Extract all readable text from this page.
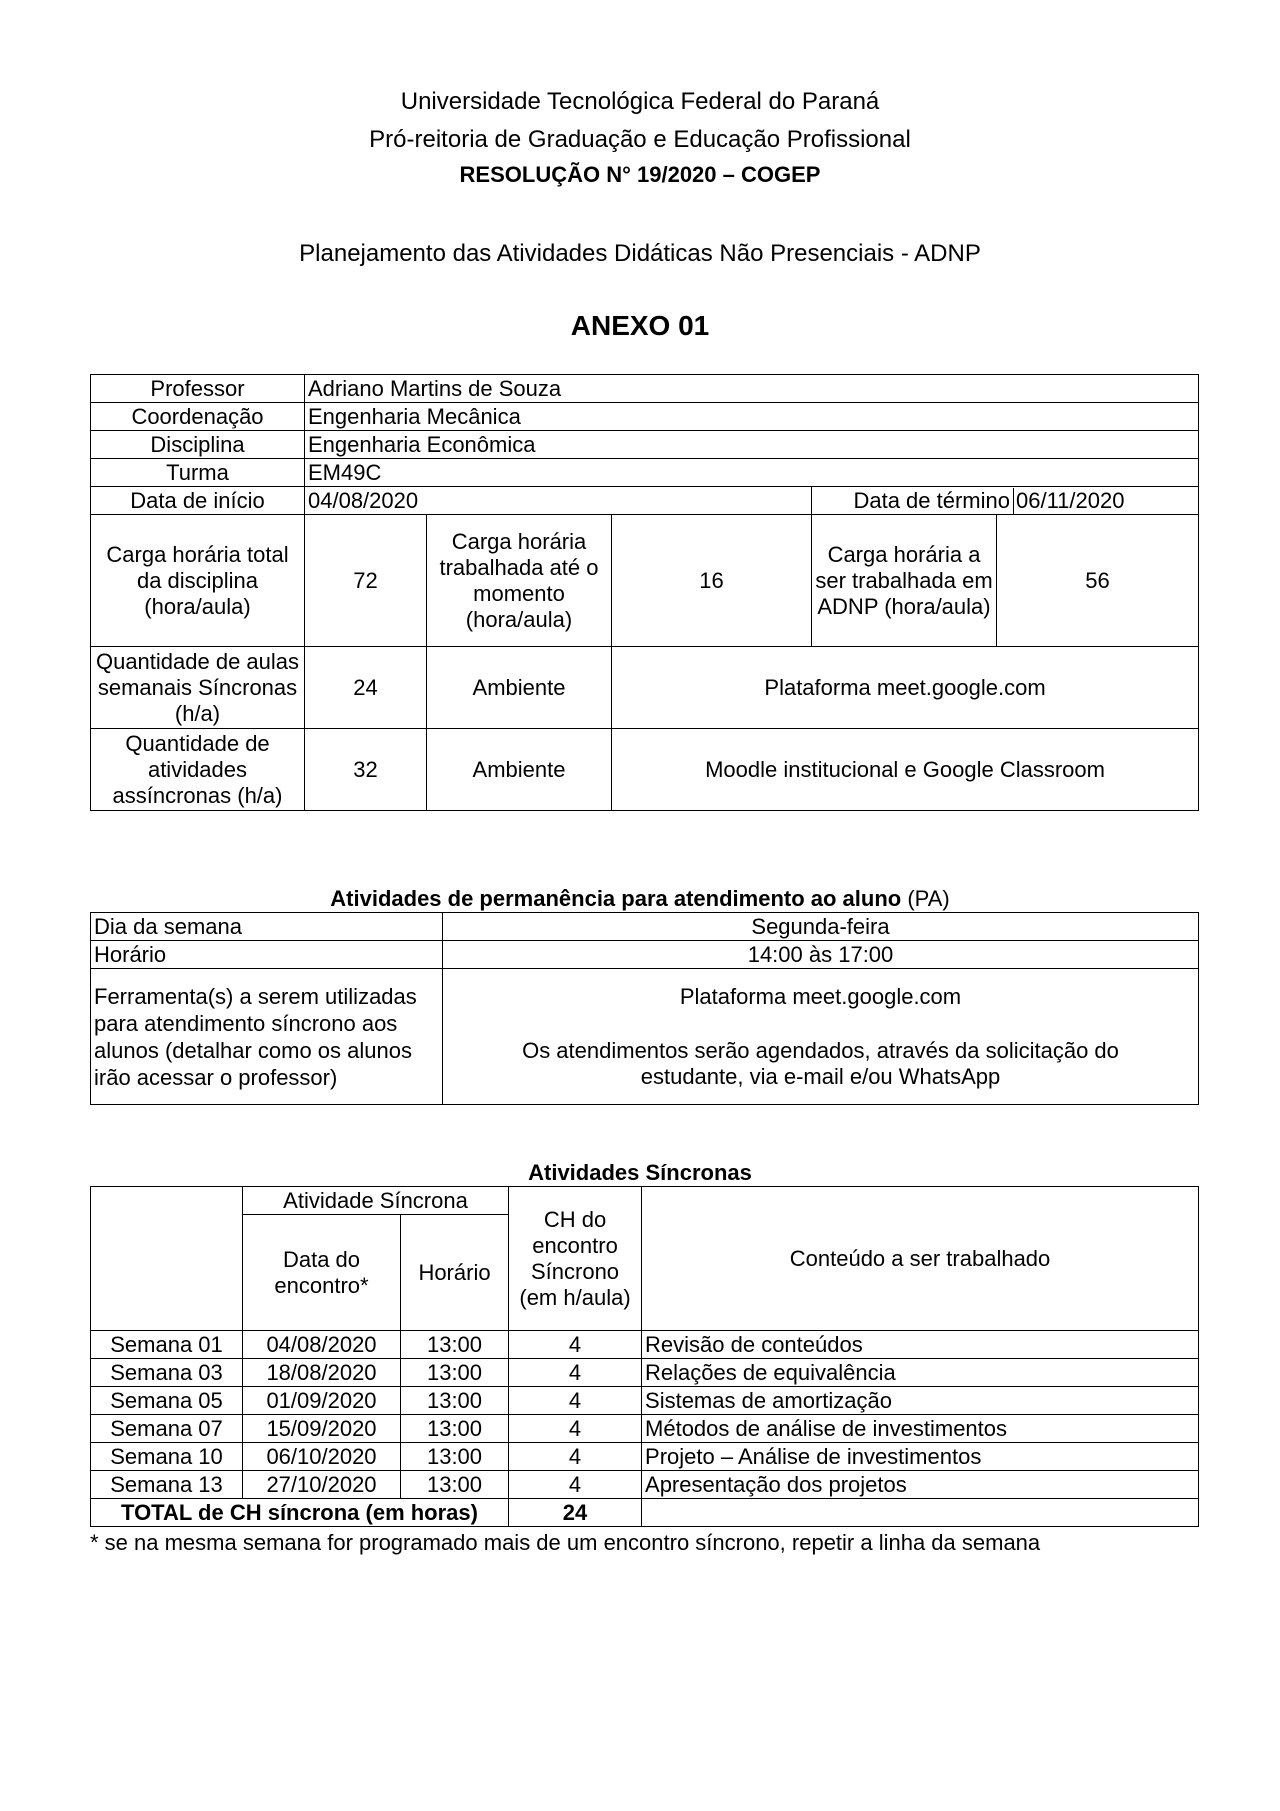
Universidade Tecnológica Federal do Paraná
Pró-reitoria de Graduação e Educação Profissional
RESOLUÇÃO N° 19/2020 – COGEP
Planejamento das Atividades Didáticas Não Presenciais - ADNP
ANEXO 01
Professor	Adriano Martins de Souza				
Coordenação	Engenharia Mecânica				
Disciplina	Engenharia Econômica				
Turma	EM49C				
Data de início	04/08/2020			Data de término 06/11/2020	

Carga horária total da disciplina (hora/aula)	72	Carga horária trabalhada até o momento (hora/aula)	16	Carga horária a ser trabalhada em ADNP (hora/aula)	56
Quantidade de aulas semanais Síncronas (h/a)	24	Ambiente	Plataforma meet.google.com		
Quantidade de atividades assíncronas (h/a)	32	Ambiente	Moodle institucional e Google Classroom		
Atividades de permanência para atendimento ao aluno (PA)
Dia da semana	Segunda-feira
Horário	14:00 às 17:00
Ferramenta(s) a serem utilizadas para atendimento síncrono aos alunos (detalhar como os alunos irão acessar o professor)	Plataforma meet.google.com
Os atendimentos serão agendados, através da solicitação do estudante, via e-mail e/ou WhatsApp
Atividades Síncronas
	Atividade Síncrona		CH do encontro Síncrono (em h/aula)	Conteúdo a ser trabalhado
	Data do encontro*	Horário		
Semana 01	04/08/2020	13:00	4	Revisão de conteúdos
Semana 03	18/08/2020	13:00	4	Relações de equivalência
Semana 05	01/09/2020	13:00	4	Sistemas de amortização
Semana 07	15/09/2020	13:00	4	Métodos de análise de investimentos
Semana 10	06/10/2020	13:00	4	Projeto – Análise de investimentos
Semana 13	27/10/2020	13:00	4	Apresentação dos projetos
TOTAL de CH síncrona (em horas)			24	
* se na mesma semana for programado mais de um encontro síncrono, repetir a linha da semana
